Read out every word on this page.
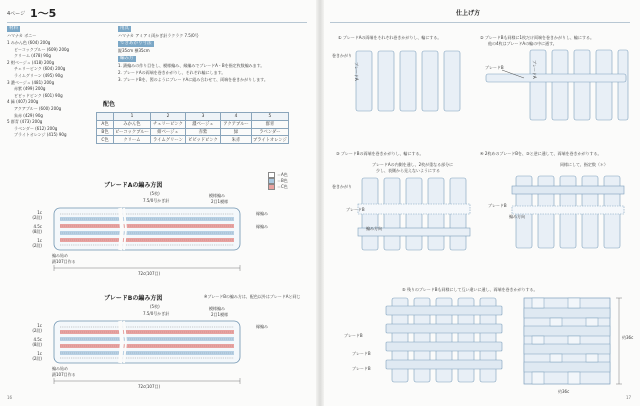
4ページ 1～5
材料
ハマナカ ボニー
1 みかん色 (604) 200g
ピーコックブルー (609) 200g
クリーム (478) 90g
2 紺ベージュ (418) 200g
チェリーピンク (604) 200g
ライムグリーン (495) 90g
3 濃ベージュ (481) 200g
赤紫 (499) 200g
ビビッドピンク (601) 90g
4 緑 (407) 200g
アクアブルー (600) 200g
朱赤 (429) 90g
5 群青 (473) 200g
ラベンダー (612) 200g
ブライトオレンジ (415) 90g
用具
ハマナカ アミアミ両かぎ針ラクラク 7.5/0号
できあがり寸法
縦35cm 横35cm
編み方
1. 鎖編みの作り目をし、模様編み、縁編みでブレードA・Bを指定枚数編みます。
2. ブレードAの両端を巻きかがりし、それぞれ輪にします。
3. ブレードBを、図のようにブレードAに組み合わせて、両端を巻きかがりします。
配色
	1	2	3	4	5
A色	みかん色	チェリーピンク	濃ベージュ	アクアブルー	群青
B色	ピーコックブルー	紺ベージュ	赤紫	緑	ラベンダー
C色	クリーム	ライムグリーン	ビビッドピンク	朱赤	ブライトオレンジ
＝A色
＝B色
＝C色
ブレードAの編み方図
(5枚)
7.5/0号かぎ針
模様編み
2目1模様
縁編み
縁編み
1c
(2段)
4.5c
(8段)
1c
(2段)
編み始め
鎖107目作る
72c(107目)
ブレードBの編み方図
(5枚)
7.5/0号かぎ針
※ブレードBの編み方は、配色以外はブレードAと同じ
模様編み
2目1模様
縁編み
1c
(2段)
4.5c
(8段)
1c
(2段)
編み始め
鎖107目作る
72c(107目)
16
仕上げ方
① ブレードAの両端をそれぞれ巻きかがりし、輪にする。
巻きかがり
ブレードA
② ブレードBも同様に1枚だけ両端を巻きかがりし、輪にする。
他の4枚はブレードAの輪の中に通す。
ブレードB	ブレードA
③ ブレードBの両端を巻きかがりし、輪にする。
ブレードAの内側を通し、2枚が重なる部分に
少し、表側から見えないようにする
巻きかがり
ブレードB
編み方向
④ 2枚めのブレードBを、③と逆に通して、両端を巻きかがりする。
同様にして、指定数（＊）
ブレードB
編み方向
⑤ 残りのブレードBも同様にして互い違いに通し、両端を巻きかがりする。
ブレードB
ブレードB
ブレードB
約36c
約36c
17
